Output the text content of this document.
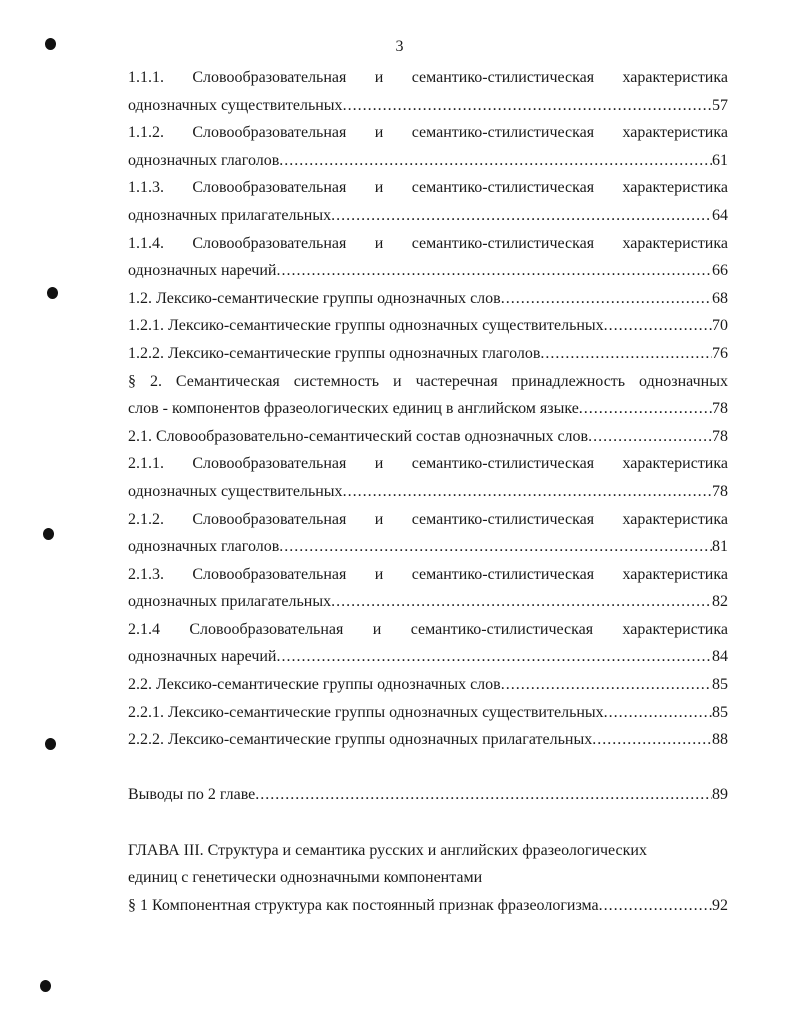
3
1.1.1. Словообразовательная и семантико-стилистическая характеристика
однозначных существительных .....	57
1.1.2. Словообразовательная и семантико-стилистическая характеристика
однозначных глаголов .....	61
1.1.3. Словообразовательная и семантико-стилистическая характеристика
однозначных прилагательных .....	64
1.1.4. Словообразовательная и семантико-стилистическая характеристика
однозначных наречий .....	66
1.2. Лексико-семантические группы однозначных слов .....	68
1.2.1. Лексико-семантические группы однозначных существительных .....	70
1.2.2. Лексико-семантические группы однозначных глаголов .....	76
§ 2. Семантическая системность и частеречная принадлежность однозначных
слов - компонентов фразеологических единиц в английском языке .....	78
2.1. Словообразовательно-семантический состав однозначных слов .....	78
2.1.1. Словообразовательная и семантико-стилистическая характеристика
однозначных существительных .....	78
2.1.2. Словообразовательная и семантико-стилистическая характеристика
однозначных глаголов .....	81
2.1.3. Словообразовательная и семантико-стилистическая характеристика
однозначных прилагательных .....	82
2.1.4 Словообразовательная и семантико-стилистическая характеристика
однозначных наречий .....	84
2.2. Лексико-семантические группы однозначных слов .....	85
2.2.1. Лексико-семантические группы однозначных существительных .....	85
2.2.2. Лексико-семантические группы однозначных прилагательных .....	88
Выводы по 2 главе .....	89
ГЛАВА III. Структура и семантика русских и английских фразеологических
единиц с генетически однозначными компонентами
§ 1 Компонентная структура как постоянный признак фразеологизма .....	92
